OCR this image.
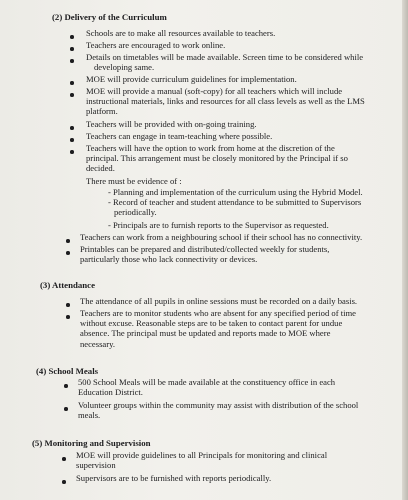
(2) Delivery of the Curriculum
Schools are to make all resources available to teachers.
Teachers are encouraged to work online.
Details on timetables will be made available. Screen time to be considered while
developing same.
MOE will provide curriculum guidelines for implementation.
MOE will provide a manual (soft-copy) for all teachers which will include
instructional materials, links and resources for all class levels as well as the LMS
platform.
Teachers will be provided with on-going training.
Teachers can engage in team-teaching where possible.
Teachers will have the option to work from home at the discretion of the
principal. This arrangement must be closely monitored by the Principal if so
decided.
There must be evidence of :
- Planning and implementation of the curriculum using the Hybrid Model.
- Record of teacher and student attendance to be submitted to Supervisors
periodically.
- Principals are to furnish reports to the Supervisor as requested.
Teachers can work from a neighbouring school if their school has no connectivity.
Printables can be prepared and distributed/collected weekly for students,
particularly those who lack connectivity or devices.
(3) Attendance
The attendance of all pupils in online sessions must be recorded on a daily basis.
Teachers are to monitor students who are absent for any specified period of time
without excuse. Reasonable steps are to be taken to contact parent for undue
absence. The principal must be updated and reports made to MOE where
necessary.
(4) School Meals
500 School Meals will be made available at the constituency office in each
Education District.
Volunteer groups within the community may assist with distribution of the school
meals.
(5) Monitoring and Supervision
MOE will provide guidelines to all Principals for monitoring and clinical
supervision
Supervisors are to be furnished with reports periodically.
